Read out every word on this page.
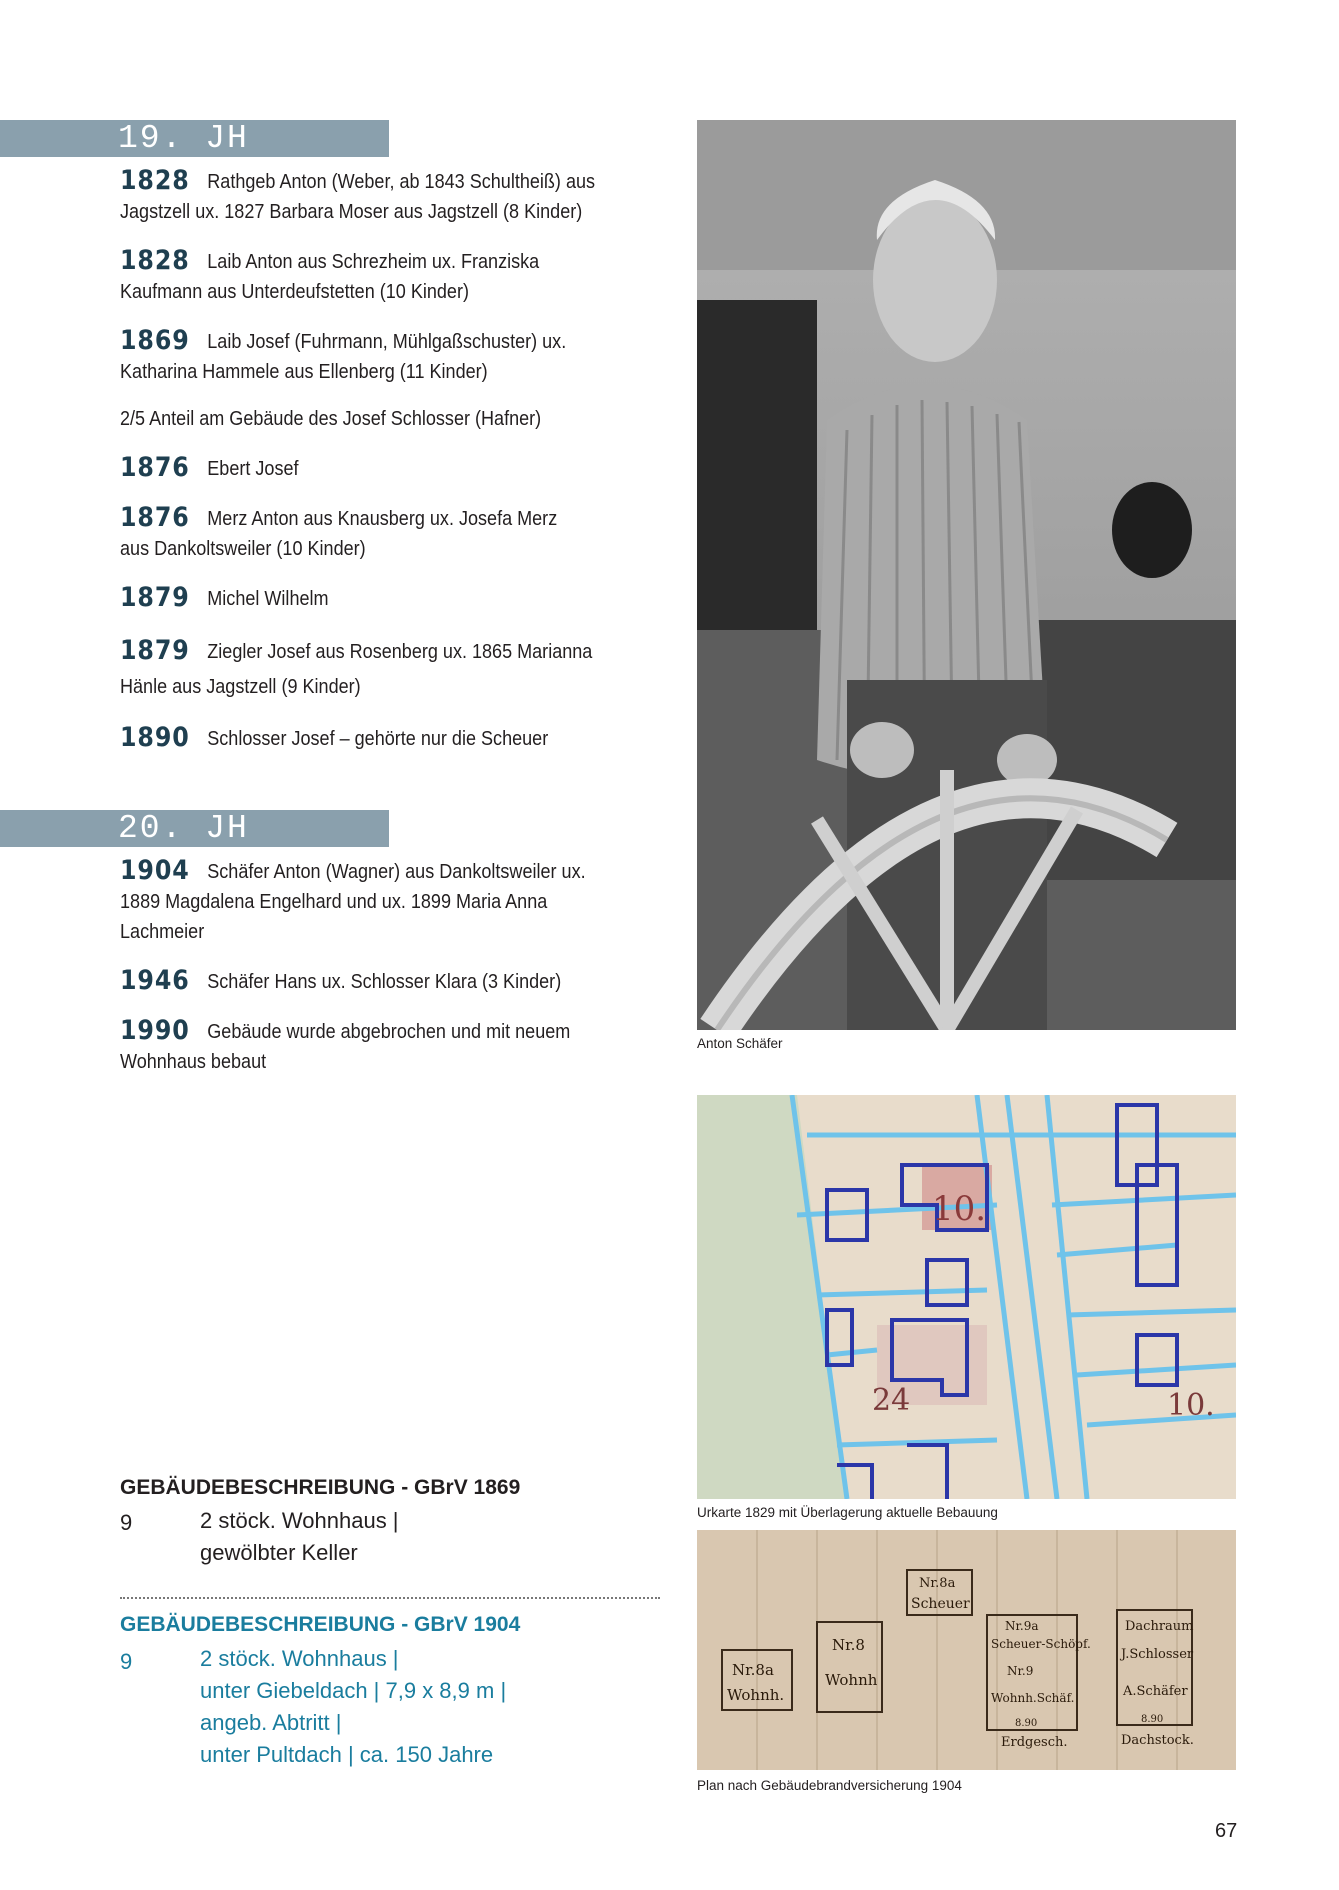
19. JH
1828 Rathgeb Anton (Weber, ab 1843 Schultheiß) aus Jagstzell ux. 1827 Barbara Moser aus Jagstzell (8 Kinder)
1828 Laib Anton aus Schrezheim ux. Franziska Kaufmann aus Unterdeufstetten (10 Kinder)
1869 Laib Josef (Fuhrmann, Mühlgaßschuster) ux. Katharina Hammele aus Ellenberg (11 Kinder)
2/5 Anteil am Gebäude des Josef Schlosser (Hafner)
1876 Ebert Josef
1876 Merz Anton aus Knausberg ux. Josefa Merz aus Dankoltsweiler (10 Kinder)
1879 Michel Wilhelm
1879 Ziegler Josef aus Rosenberg ux. 1865 Marianna Hänle aus Jagstzell (9 Kinder)
1890 Schlosser Josef – gehörte nur die Scheuer
20. JH
1904 Schäfer Anton (Wagner) aus Dankoltsweiler ux. 1889 Magdalena Engelhard und ux. 1899 Maria Anna Lachmeier
1946 Schäfer Hans ux. Schlosser Klara (3 Kinder)
1990 Gebäude wurde abgebrochen und mit neuem Wohnhaus bebaut
Anton Schäfer
10.
24	10.
Urkarte 1829 mit Überlagerung aktuelle Bebauung
Nr.8a
Wohnh.
Nr.8
Wohnh
Nr.8a
Scheuer
Nr.9a
Scheuer-Schöpf.
Nr.9
Wohnh.Schäf.
8.90
Erdgesch.
Dachraum
J.Schlosser
A.Schäfer
8.90
Dachstock.
Plan nach Gebäudebrandversicherung 1904
GEBÄUDEBESCHREIBUNG - GBrV 1869
9	2 stöck. Wohnhaus |
gewölbter Keller
GEBÄUDEBESCHREIBUNG - GBrV 1904
9	2 stöck. Wohnhaus |
unter Giebeldach | 7,9 x 8,9 m |
angeb. Abtritt |
unter Pultdach | ca. 150 Jahre
67
